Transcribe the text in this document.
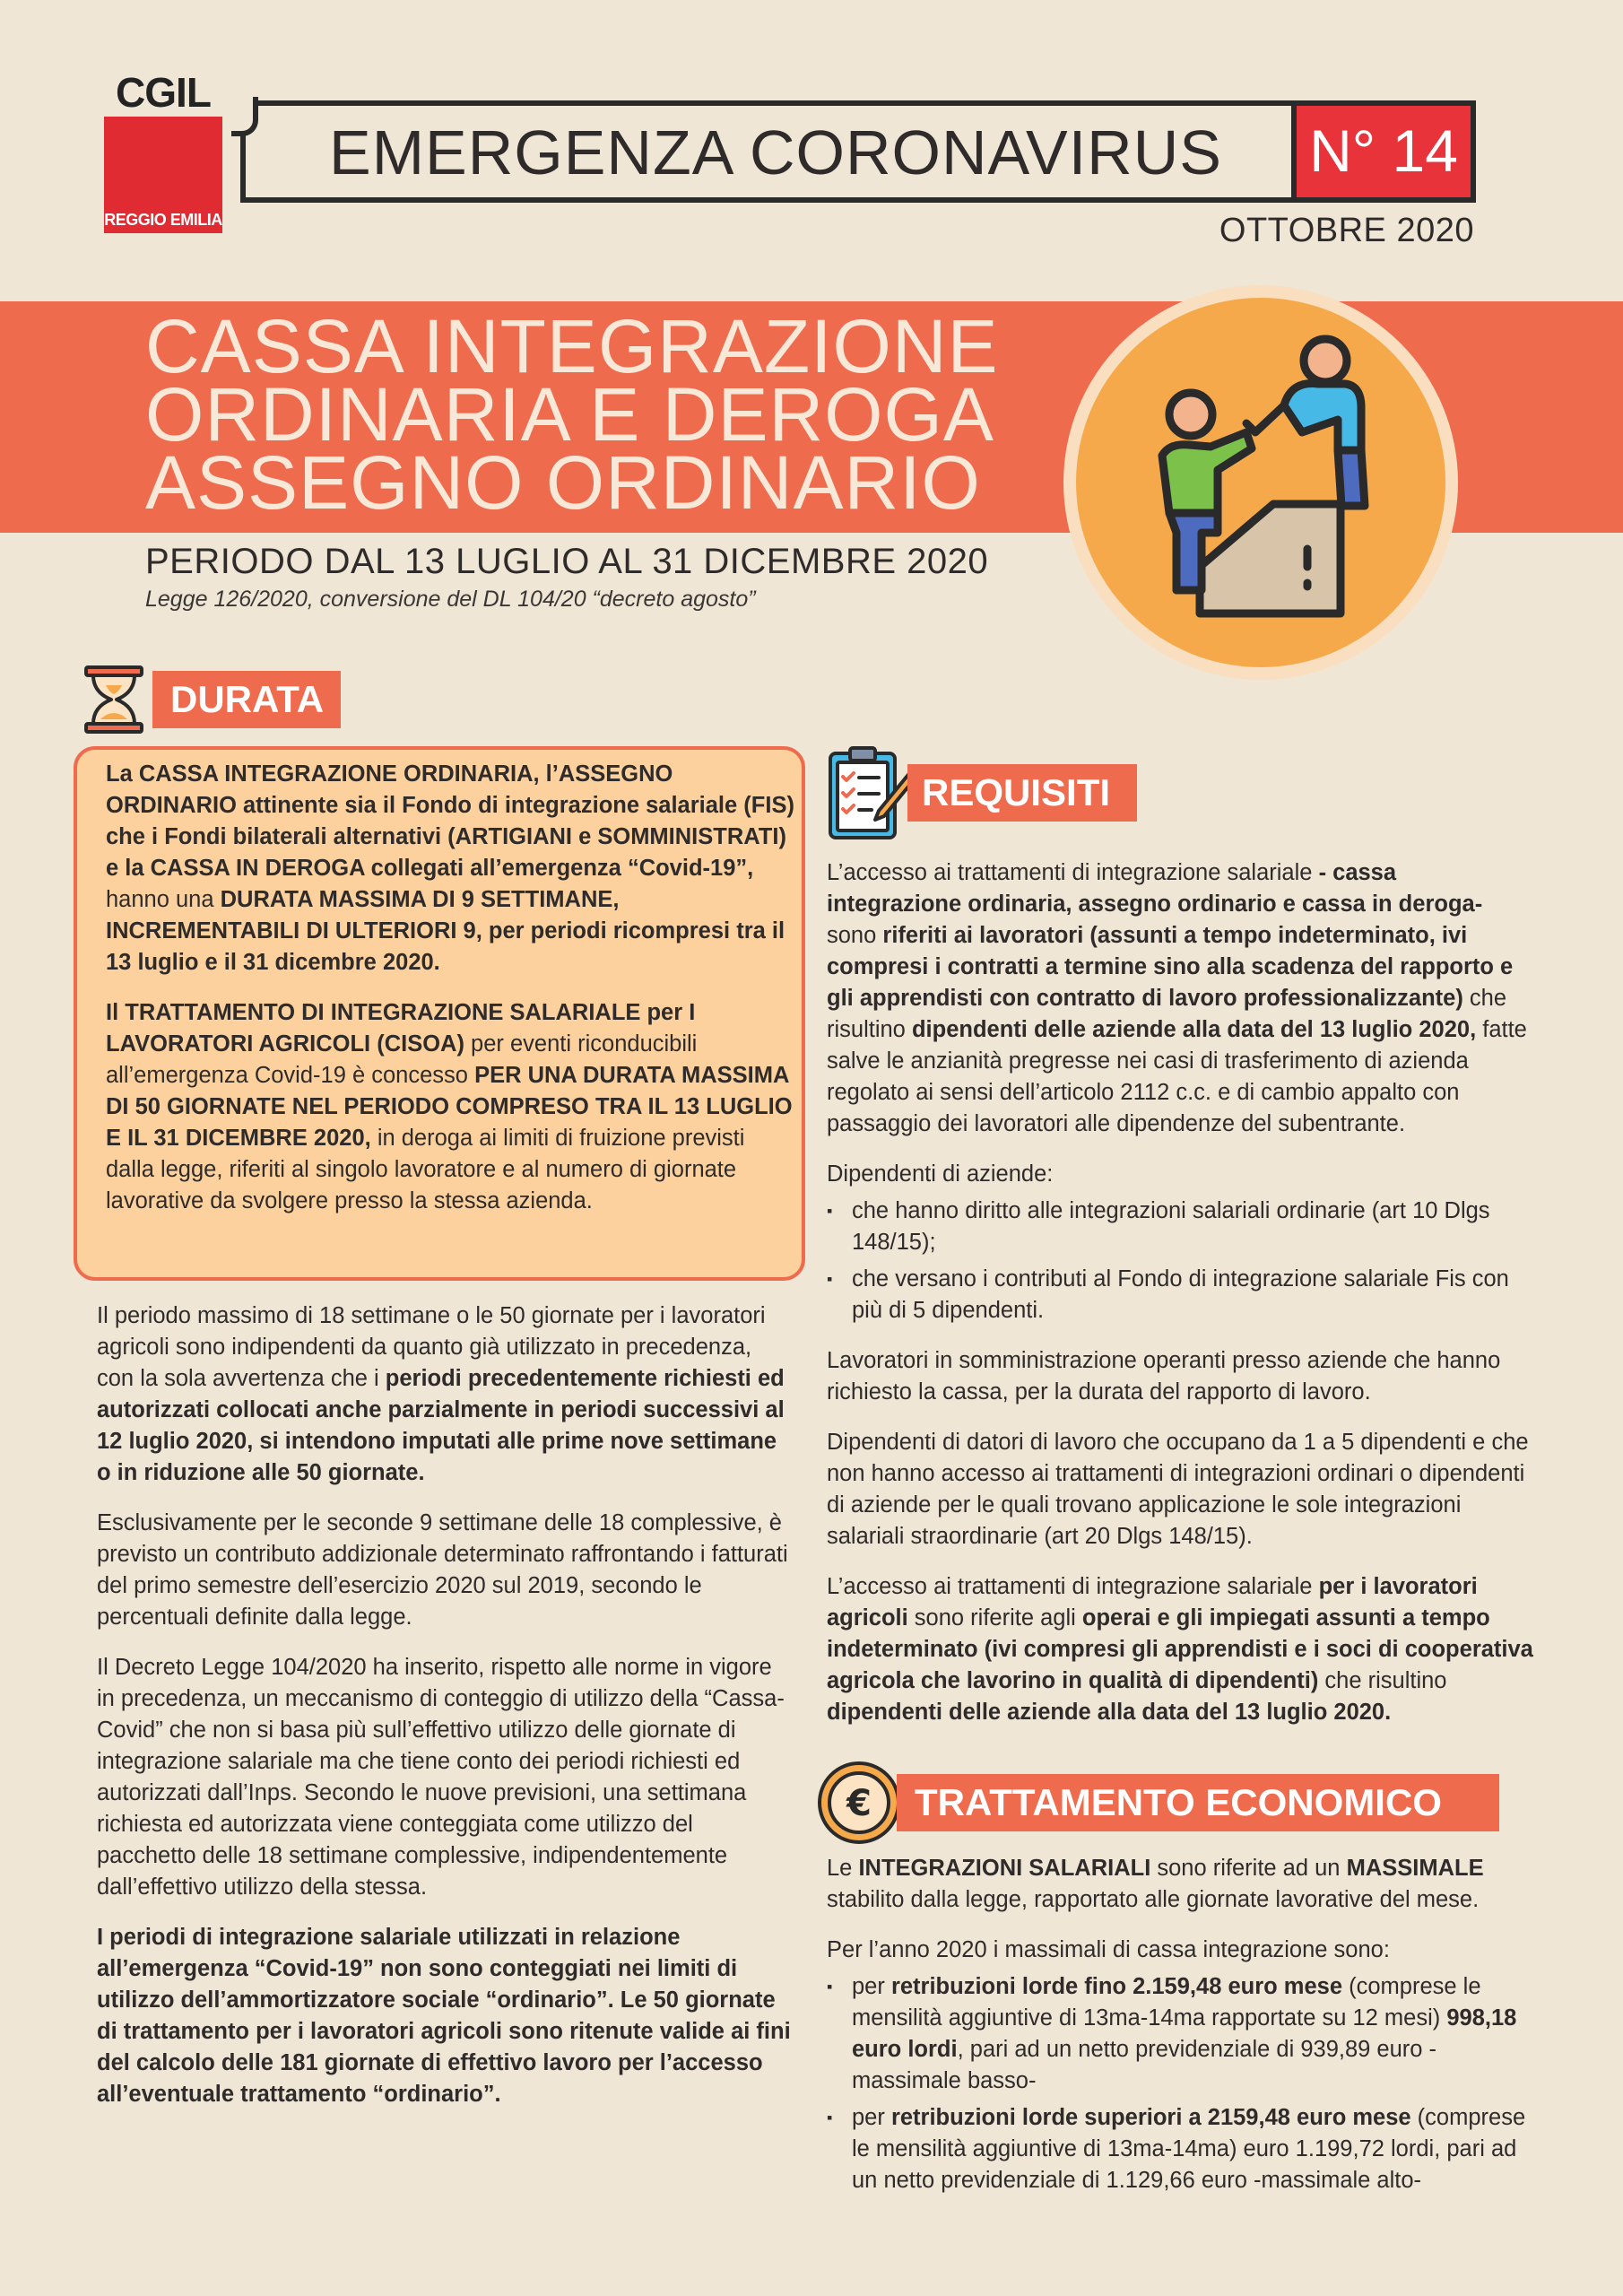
CGIL
REGGIO EMILIA
EMERGENZA CORONAVIRUS	N° 14
OTTOBRE 2020
CASSA INTEGRAZIONE
ORDINARIA E DEROGA
ASSEGNO ORDINARIO
PERIODO DAL 13 LUGLIO AL 31 DICEMBRE 2020
Legge 126/2020, conversione del DL 104/20 “decreto agosto”
DURATA

La CASSA INTEGRAZIONE ORDINARIA, l’ASSEGNO ORDINARIO attinente sia il Fondo di integrazione salariale (FIS) che i Fondi bilaterali alternativi (ARTIGIANI e SOMMINISTRATI) e la CASSA IN DEROGA collegati all’emergenza “Covid-19”, hanno una DURATA MASSIMA DI 9 SETTIMANE, INCREMENTABILI DI ULTERIORI 9, per periodi ricompresi tra il 13 luglio e il 31 dicembre 2020.

Il TRATTAMENTO DI INTEGRAZIONE SALARIALE per I LAVORATORI AGRICOLI (CISOA) per eventi riconducibili all’emergenza Covid-19 è concesso PER UNA DURATA MASSIMA DI 50 GIORNATE NEL PERIODO COMPRESO TRA IL 13 LUGLIO E IL 31 DICEMBRE 2020, in deroga ai limiti di fruizione previsti dalla legge, riferiti al singolo lavoratore e al numero di giornate lavorative da svolgere presso la stessa azienda.

Il periodo massimo di 18 settimane o le 50 giornate per i lavoratori agricoli sono indipendenti da quanto già utilizzato in precedenza, con la sola avvertenza che i periodi precedentemente richiesti ed autorizzati collocati anche parzialmente in periodi successivi al 12 luglio 2020, si intendono imputati alle prime nove settimane o in riduzione alle 50 giornate.

Esclusivamente per le seconde 9 settimane delle 18 complessive, è previsto un contributo addizionale determinato raffrontando i fatturati del primo semestre dell’esercizio 2020 sul 2019, secondo le percentuali definite dalla legge.

Il Decreto Legge 104/2020 ha inserito, rispetto alle norme in vigore in precedenza, un meccanismo di conteggio di utilizzo della “Cassa-Covid” che non si basa più sull’effettivo utilizzo delle giornate di integrazione salariale ma che tiene conto dei periodi richiesti ed autorizzati dall’Inps. Secondo le nuove previsioni, una settimana richiesta ed autorizzata viene conteggiata come utilizzo del pacchetto delle 18 settimane complessive, indipendentemente dall’effettivo utilizzo della stessa.

I periodi di integrazione salariale utilizzati in relazione all’emergenza “Covid-19” non sono conteggiati nei limiti di utilizzo dell’ammortizzatore sociale “ordinario”. Le 50 giornate di trattamento per i lavoratori agricoli sono ritenute valide ai fini del calcolo delle 181 giornate di effettivo lavoro per l’accesso all’eventuale trattamento “ordinario”.

REQUISITI

L’accesso ai trattamenti di integrazione salariale - cassa integrazione ordinaria, assegno ordinario e cassa in deroga- sono riferiti ai lavoratori (assunti a tempo indeterminato, ivi compresi i contratti a termine sino alla scadenza del rapporto e gli apprendisti con contratto di lavoro professionalizzante) che risultino dipendenti delle aziende alla data del 13 luglio 2020, fatte salve le anzianità pregresse nei casi di trasferimento di azienda regolato ai sensi dell’articolo 2112 c.c. e di cambio appalto con passaggio dei lavoratori alle dipendenze del subentrante.

Dipendenti di aziende:

▪ che hanno diritto alle integrazioni salariali ordinarie (art 10 Dlgs 148/15);

▪ che versano i contributi al Fondo di integrazione salariale Fis con più di 5 dipendenti.

Lavoratori in somministrazione operanti presso aziende che hanno richiesto la cassa, per la durata del rapporto di lavoro.

Dipendenti di datori di lavoro che occupano da 1 a 5 dipendenti e che non hanno accesso ai trattamenti di integrazioni ordinari o dipendenti di aziende per le quali trovano applicazione le sole integrazioni salariali straordinarie (art 20 Dlgs 148/15).

L’accesso ai trattamenti di integrazione salariale per i lavoratori agricoli sono riferite agli operai e gli impiegati assunti a tempo indeterminato (ivi compresi gli apprendisti e i soci di cooperativa agricola che lavorino in qualità di dipendenti) che risultino dipendenti delle aziende alla data del 13 luglio 2020.

€	TRATTAMENTO ECONOMICO

Le INTEGRAZIONI SALARIALI sono riferite ad un MASSIMALE stabilito dalla legge, rapportato alle giornate lavorative del mese.

Per l’anno 2020 i massimali di cassa integrazione sono:

▪ per retribuzioni lorde fino 2.159,48 euro mese (comprese le mensilità aggiuntive di 13ma-14ma rapportate su 12 mesi) 998,18 euro lordi, pari ad un netto previdenziale di 939,89 euro -massimale basso-

▪ per retribuzioni lorde superiori a 2159,48 euro mese (comprese le mensilità aggiuntive di 13ma-14ma) euro 1.199,72 lordi, pari ad un netto previdenziale di 1.129,66 euro -massimale alto-
